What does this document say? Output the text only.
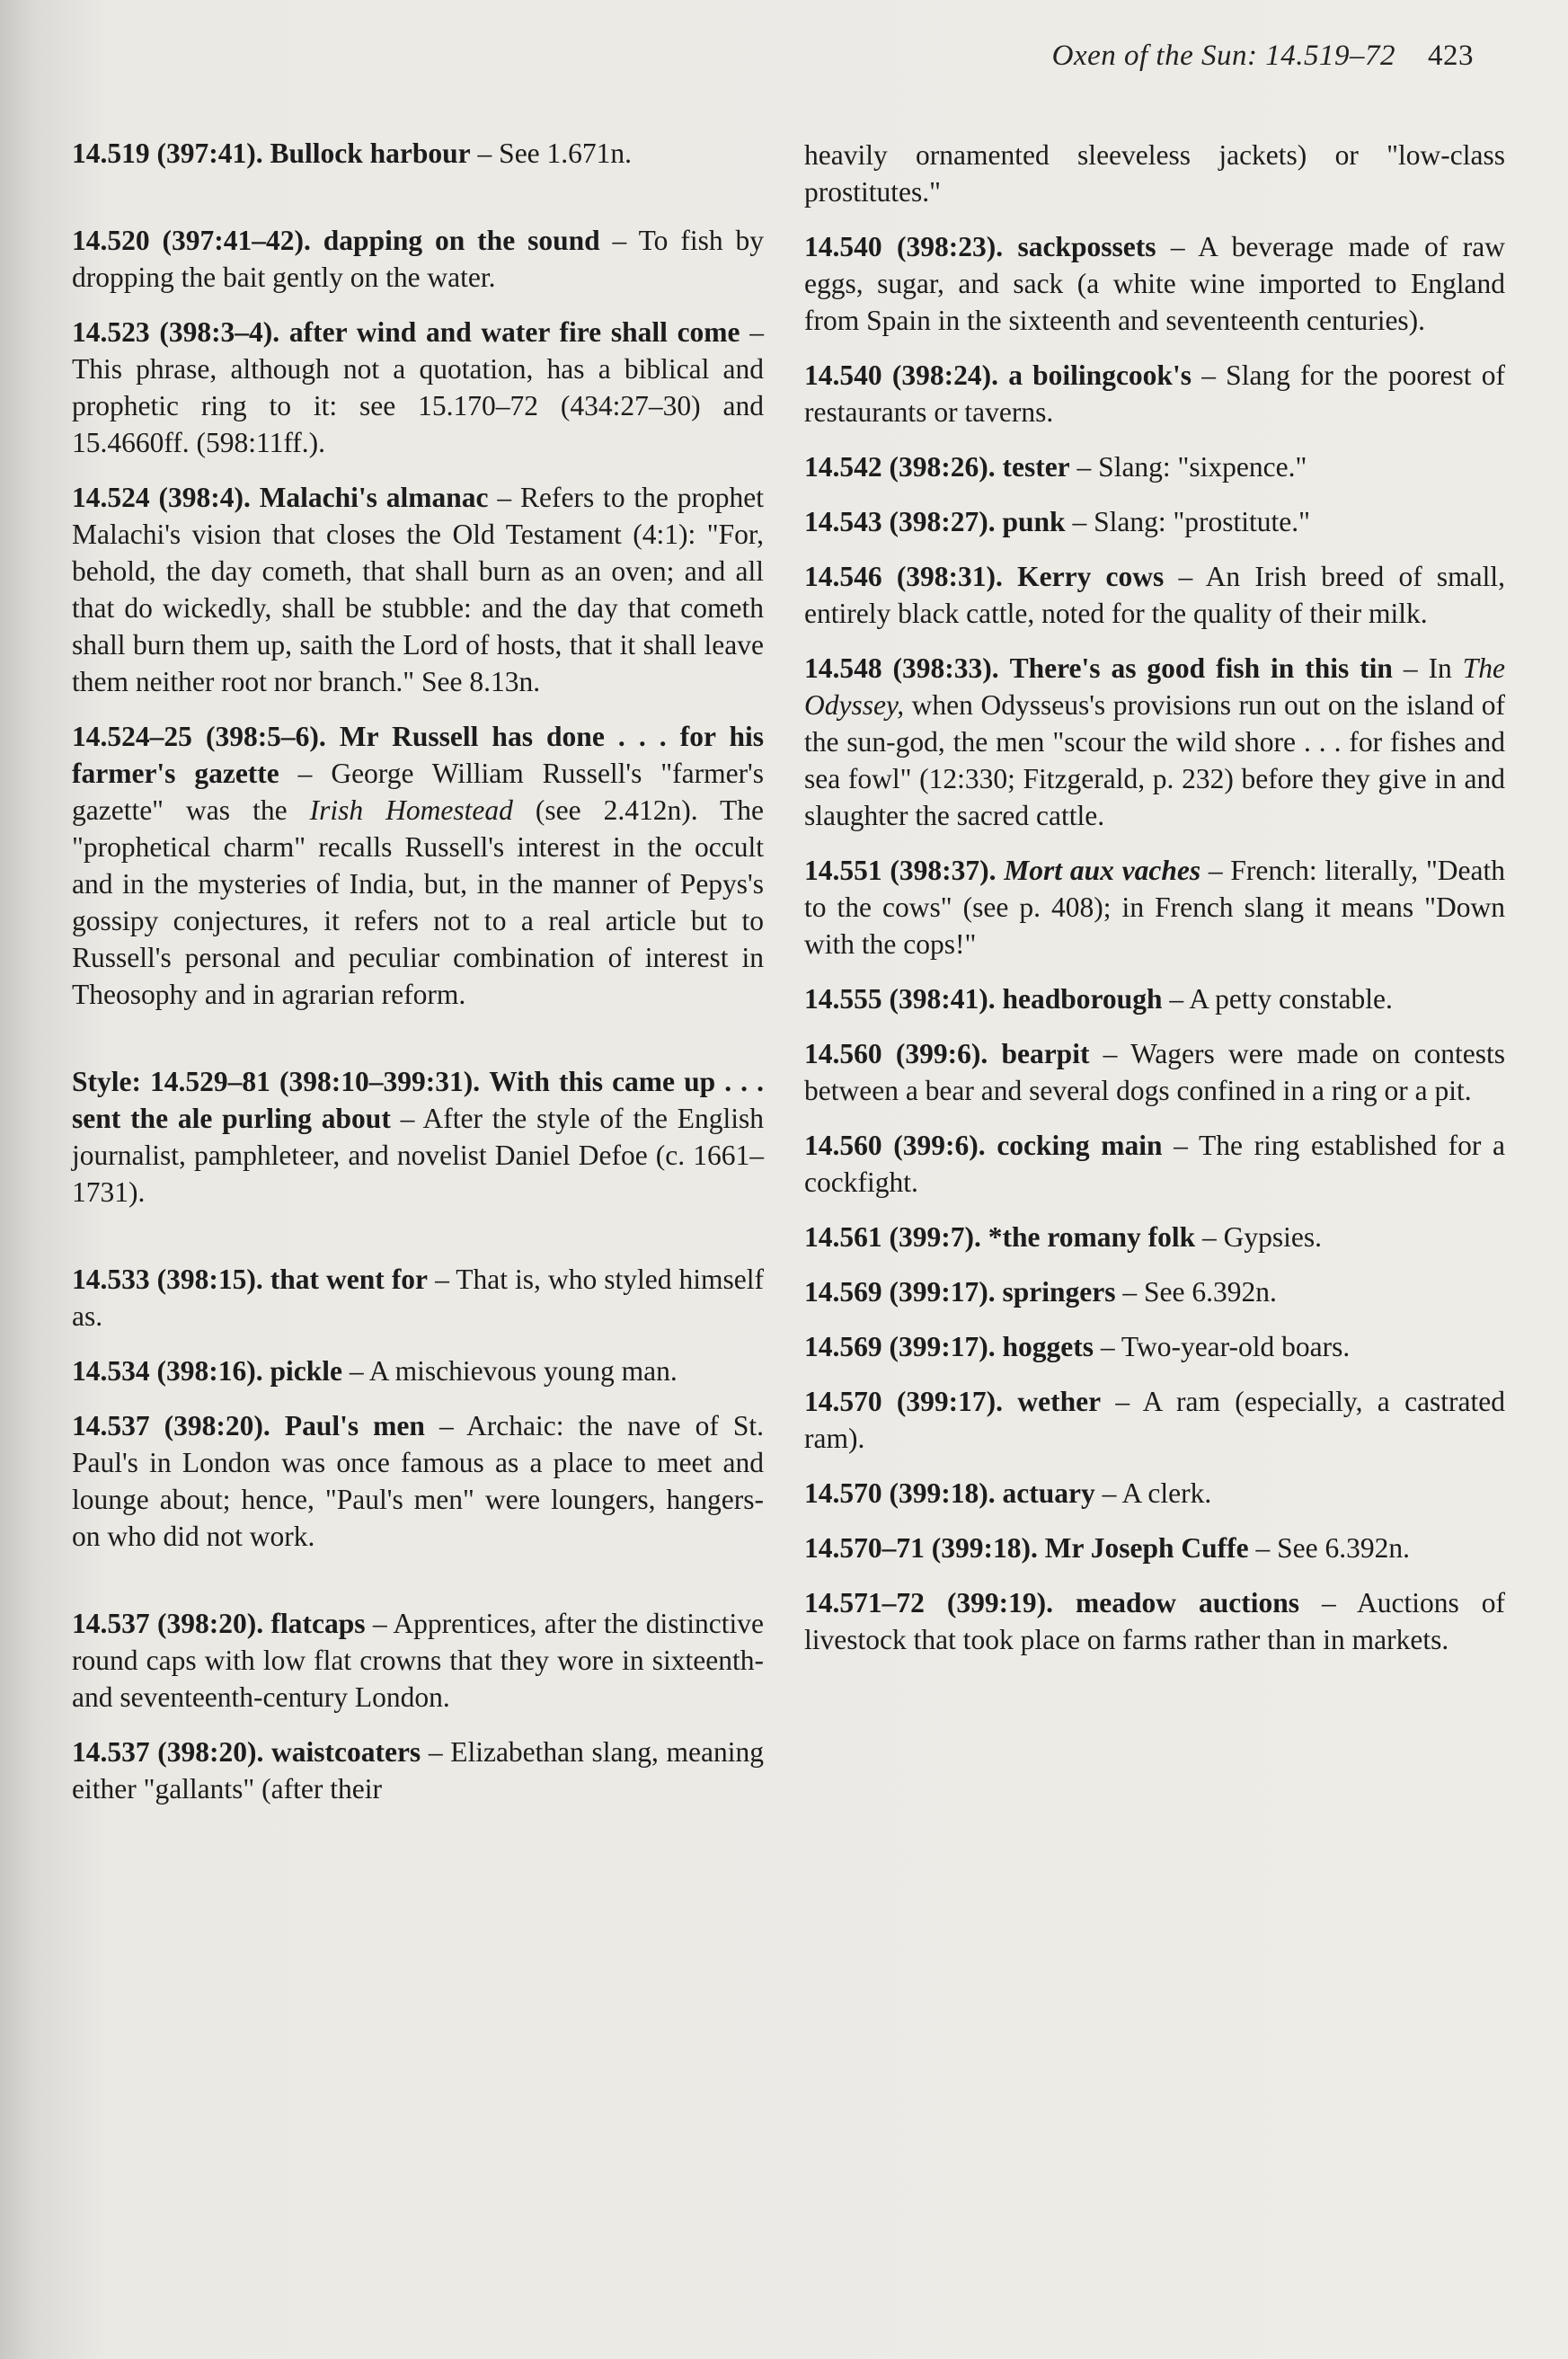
Oxen of the Sun: 14.519–72 423

14.519 (397:41). Bullock harbour – See 1.671n.

14.520 (397:41–42). dapping on the sound – To fish by dropping the bait gently on the water.

14.523 (398:3–4). after wind and water fire shall come – This phrase, although not a quotation, has a biblical and prophetic ring to it: see 15.170–72 (434:27–30) and 15.4660ff. (598:11ff.).

14.524 (398:4). Malachi's almanac – Refers to the prophet Malachi's vision that closes the Old Testament (4:1): "For, behold, the day cometh, that shall burn as an oven; and all that do wickedly, shall be stubble: and the day that cometh shall burn them up, saith the Lord of hosts, that it shall leave them neither root nor branch." See 8.13n.

14.524–25 (398:5–6). Mr Russell has done . . . for his farmer's gazette – George William Russell's "farmer's gazette" was the Irish Homestead (see 2.412n). The "prophetical charm" recalls Russell's interest in the occult and in the mysteries of India, but, in the manner of Pepys's gossipy conjectures, it refers not to a real article but to Russell's personal and peculiar combination of interest in Theosophy and in agrarian reform.

Style: 14.529–81 (398:10–399:31). With this came up . . . sent the ale purling about – After the style of the English journalist, pamphleteer, and novelist Daniel Defoe (c. 1661–1731).

14.533 (398:15). that went for – That is, who styled himself as.

14.534 (398:16). pickle – A mischievous young man.

14.537 (398:20). Paul's men – Archaic: the nave of St. Paul's in London was once famous as a place to meet and lounge about; hence, "Paul's men" were loungers, hangers-on who did not work.

14.537 (398:20). flatcaps – Apprentices, after the distinctive round caps with low flat crowns that they wore in sixteenth- and seventeenth-century London.

14.537 (398:20). waistcoaters – Elizabethan slang, meaning either "gallants" (after their

heavily ornamented sleeveless jackets) or "low-class prostitutes."

14.540 (398:23). sackpossets – A beverage made of raw eggs, sugar, and sack (a white wine imported to England from Spain in the sixteenth and seventeenth centuries).

14.540 (398:24). a boilingcook's – Slang for the poorest of restaurants or taverns.

14.542 (398:26). tester – Slang: "sixpence."

14.543 (398:27). punk – Slang: "prostitute."

14.546 (398:31). Kerry cows – An Irish breed of small, entirely black cattle, noted for the quality of their milk.

14.548 (398:33). There's as good fish in this tin – In The Odyssey, when Odysseus's provisions run out on the island of the sun-god, the men "scour the wild shore . . . for fishes and sea fowl" (12:330; Fitzgerald, p. 232) before they give in and slaughter the sacred cattle.

14.551 (398:37). Mort aux vaches – French: literally, "Death to the cows" (see p. 408); in French slang it means "Down with the cops!"

14.555 (398:41). headborough – A petty constable.

14.560 (399:6). bearpit – Wagers were made on contests between a bear and several dogs confined in a ring or a pit.

14.560 (399:6). cocking main – The ring established for a cockfight.

14.561 (399:7). *the romany folk – Gypsies.

14.569 (399:17). springers – See 6.392n.

14.569 (399:17). hoggets – Two-year-old boars.

14.570 (399:17). wether – A ram (especially, a castrated ram).

14.570 (399:18). actuary – A clerk.

14.570–71 (399:18). Mr Joseph Cuffe – See 6.392n.

14.571–72 (399:19). meadow auctions – Auctions of livestock that took place on farms rather than in markets.
